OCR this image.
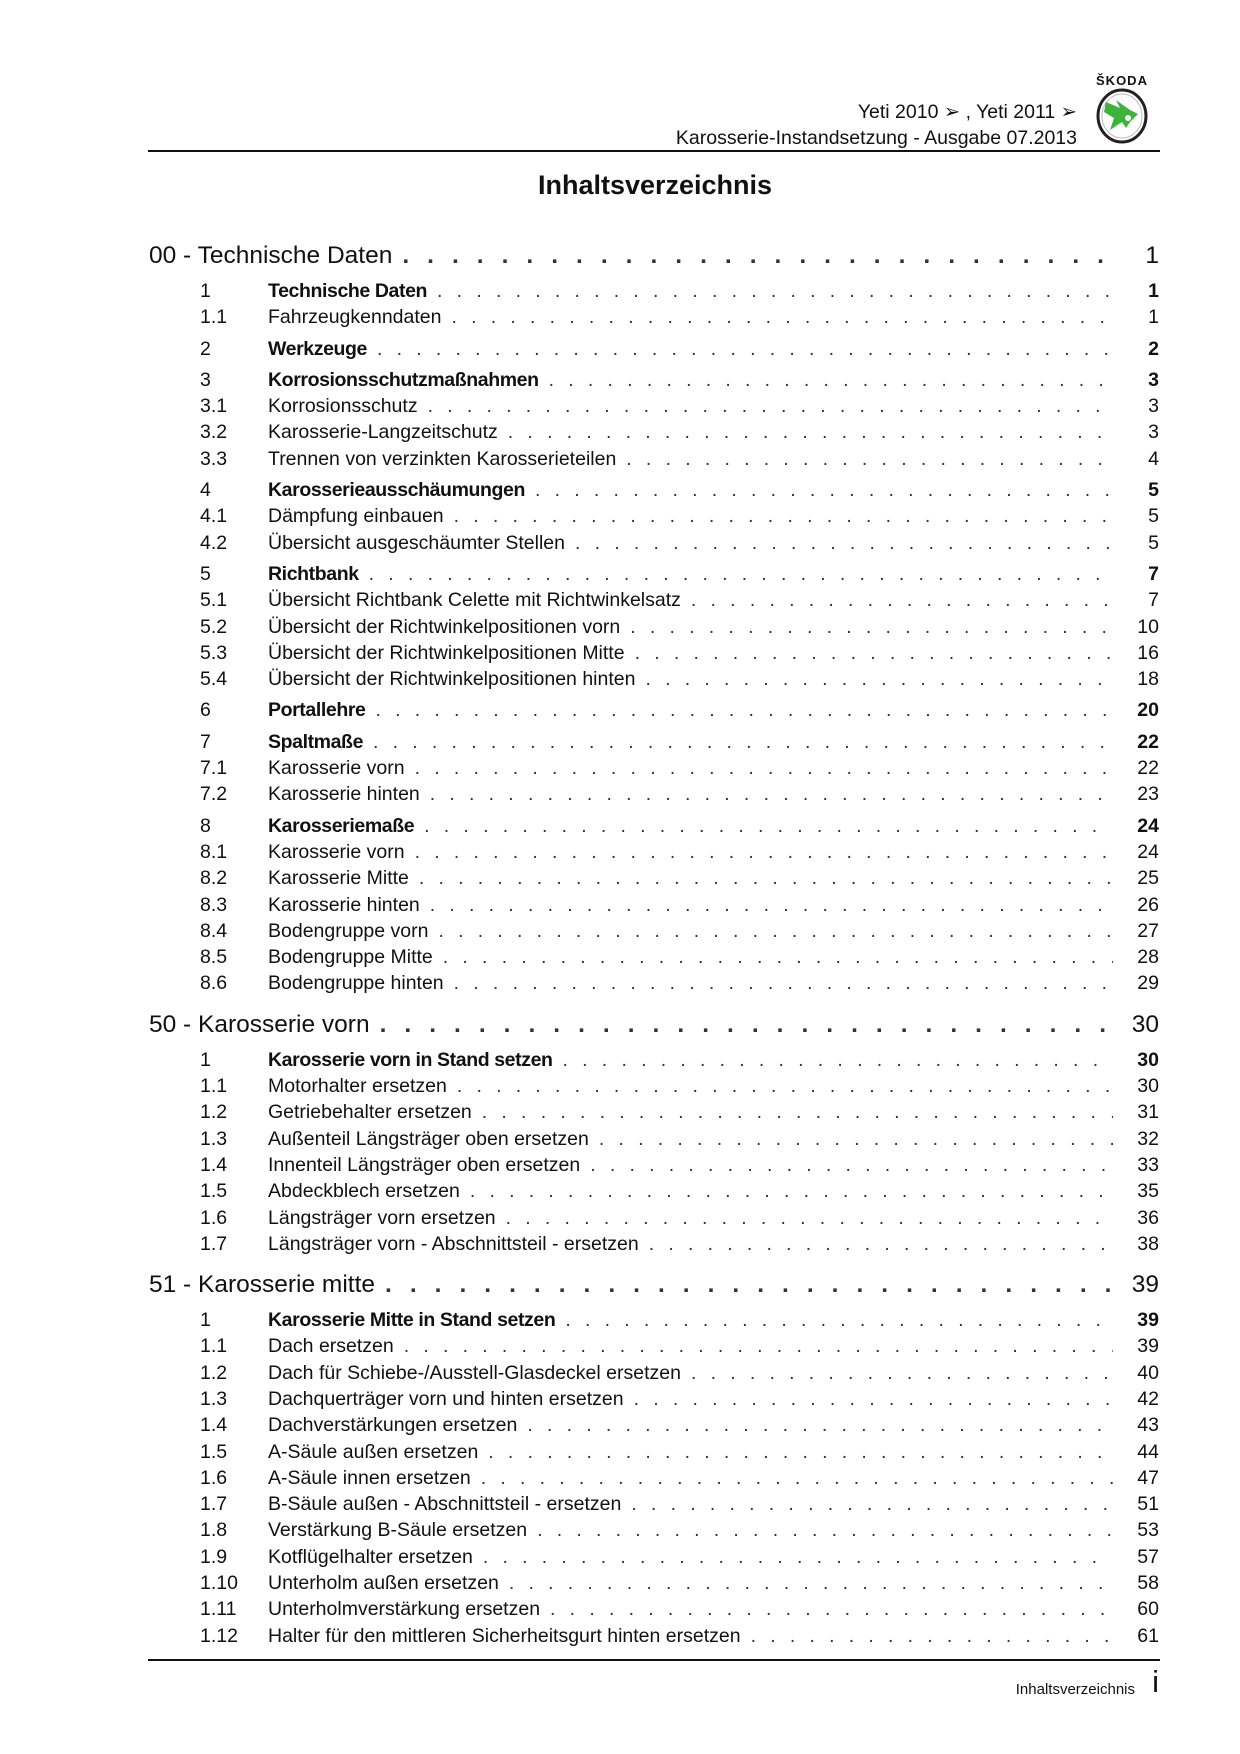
Yeti 2010 ➢ , Yeti 2011 ➢
Karosserie-Instandsetzung - Ausgabe 07.2013
ŠKODA
Inhaltsverzeichnis
00 - Technische Daten . . .	1
1	Technische Daten . . .	1
1.1	Fahrzeugkenndaten . . .	1
2	Werkzeuge . . .	2
3	Korrosionsschutzmaßnahmen . . .	3
3.1	Korrosionsschutz . . .	3
3.2	Karosserie-Langzeitschutz . . .	3
3.3	Trennen von verzinkten Karosserieteilen . . .	4
4	Karosserieausschäumungen . . .	5
4.1	Dämpfung einbauen . . .	5
4.2	Übersicht ausgeschäumter Stellen . . .	5
5	Richtbank . . .	7
5.1	Übersicht Richtbank Celette mit Richtwinkelsatz . . .	7
5.2	Übersicht der Richtwinkelpositionen vorn . . .	10
5.3	Übersicht der Richtwinkelpositionen Mitte . . .	16
5.4	Übersicht der Richtwinkelpositionen hinten . . .	18
6	Portallehre . . .	20
7	Spaltmaße . . .	22
7.1	Karosserie vorn . . .	22
7.2	Karosserie hinten . . .	23
8	Karosseriemaße . . .	24
8.1	Karosserie vorn . . .	24
8.2	Karosserie Mitte . . .	25
8.3	Karosserie hinten . . .	26
8.4	Bodengruppe vorn . . .	27
8.5	Bodengruppe Mitte . . .	28
8.6	Bodengruppe hinten . . .	29
50 - Karosserie vorn . . .	30
1	Karosserie vorn in Stand setzen . . .	30
1.1	Motorhalter ersetzen . . .	30
1.2	Getriebehalter ersetzen . . .	31
1.3	Außenteil Längsträger oben ersetzen . . .	32
1.4	Innenteil Längsträger oben ersetzen . . .	33
1.5	Abdeckblech ersetzen . . .	35
1.6	Längsträger vorn ersetzen . . .	36
1.7	Längsträger vorn - Abschnittsteil - ersetzen . . .	38
51 - Karosserie mitte . . .	39
1	Karosserie Mitte in Stand setzen . . .	39
1.1	Dach ersetzen . . .	39
1.2	Dach für Schiebe-/Ausstell-Glasdeckel ersetzen . . .	40
1.3	Dachquerträger vorn und hinten ersetzen . . .	42
1.4	Dachverstärkungen ersetzen . . .	43
1.5	A-Säule außen ersetzen . . .	44
1.6	A-Säule innen ersetzen . . .	47
1.7	B-Säule außen - Abschnittsteil - ersetzen . . .	51
1.8	Verstärkung B-Säule ersetzen . . .	53
1.9	Kotflügelhalter ersetzen . . .	57
1.10	Unterholm außen ersetzen . . .	58
1.11	Unterholmverstärkung ersetzen . . .	60
1.12	Halter für den mittleren Sicherheitsgurt hinten ersetzen . . .	61
Inhaltsverzeichnis i
